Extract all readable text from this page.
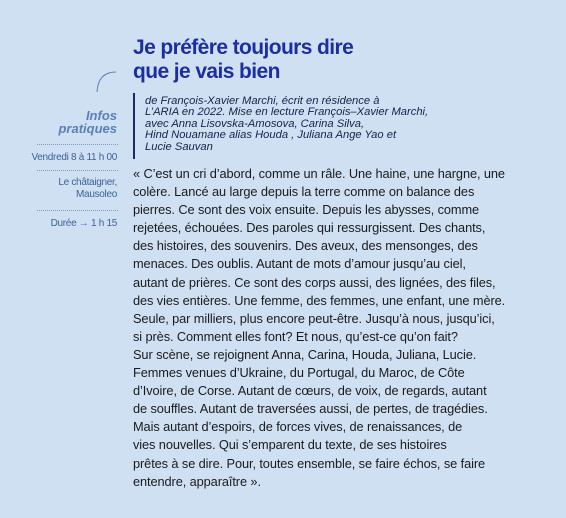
Je préfère toujours dire
que je vais bien
de François-Xavier Marchi, écrit en résidence à
L’ARIA en 2022. Mise en lecture François–Xavier Marchi,
avec Anna Lisovska-Amosova, Carina Silva,
Hind Nouamane alias Houda , Juliana Ange Yao et
Lucie Sauvan
Infos
pratiques
Vendredi 8 à 11 h 00
Le châtaigner,
Mausoleo
Durée → 1 h 15
« C’est un cri d’abord, comme un râle. Une haine, une hargne, une
colère. Lancé au large depuis la terre comme on balance des
pierres. Ce sont des voix ensuite. Depuis les abysses, comme
rejetées, échouées. Des paroles qui ressurgissent. Des chants,
des histoires, des souvenirs. Des aveux, des mensonges, des
menaces. Des oublis. Autant de mots d’amour jusqu’au ciel,
autant de prières. Ce sont des corps aussi, des lignées, des files,
des vies entières. Une femme, des femmes, une enfant, une mère.
Seule, par milliers, plus encore peut-être. Jusqu’à nous, jusqu’ici,
si près. Comment elles font? Et nous, qu’est-ce qu’on fait?
Sur scène, se rejoignent Anna, Carina, Houda, Juliana, Lucie.
Femmes venues d’Ukraine, du Portugal, du Maroc, de Côte
d’Ivoire, de Corse. Autant de cœurs, de voix, de regards, autant
de souffles. Autant de traversées aussi, de pertes, de tragédies.
Mais autant d’espoirs, de forces vives, de renaissances, de
vies nouvelles. Qui s’emparent du texte, de ses histoires
prêtes à se dire. Pour, toutes ensemble, se faire échos, se faire
entendre, apparaître ».
